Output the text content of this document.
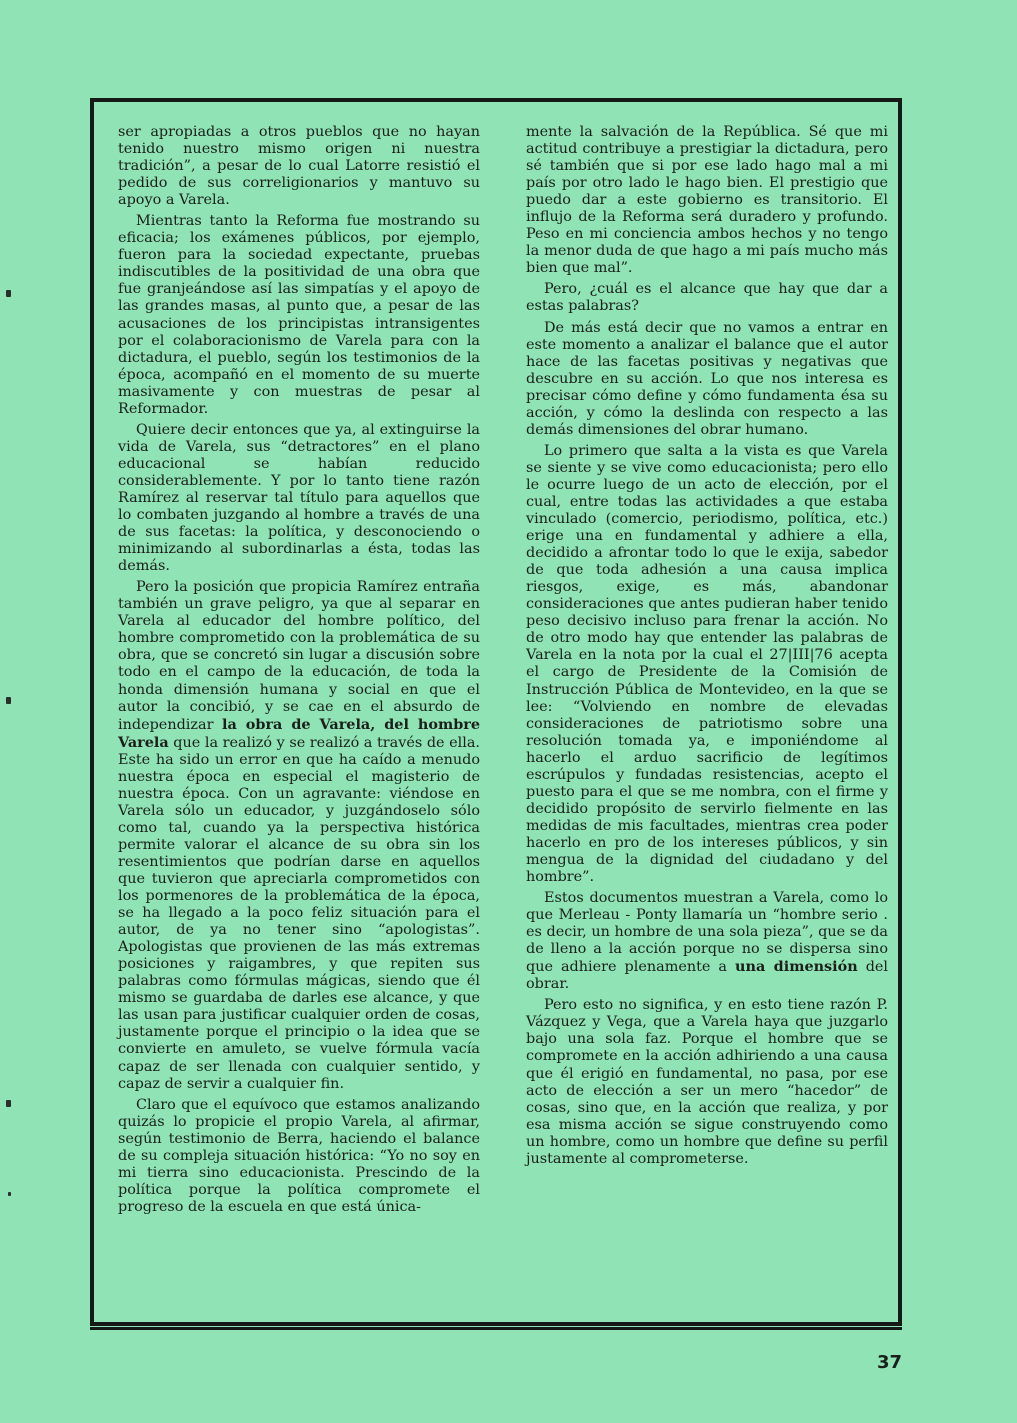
ser apropiadas a otros pueblos que no hayan tenido nuestro mismo origen ni nuestra tradición”, a pesar de lo cual Latorre resistió el pedido de sus correligionarios y mantuvo su apoyo a Varela.

Mientras tanto la Reforma fue mostrando su eficacia; los exámenes públicos, por ejemplo, fueron para la sociedad expectante, pruebas indiscutibles de la positividad de una obra que fue granjeándose así las simpatías y el apoyo de las grandes masas, al punto que, a pesar de las acusaciones de los principistas intransigentes por el colaboracionismo de Varela para con la dictadura, el pueblo, según los testimonios de la época, acompañó en el momento de su muerte masivamente y con muestras de pesar al Reformador.

Quiere decir entonces que ya, al extinguirse la vida de Varela, sus “detractores” en el plano educacional se habían reducido considerablemente. Y por lo tanto tiene razón Ramírez al reservar tal título para aquellos que lo combaten juzgando al hombre a través de una de sus facetas: la política, y desconociendo o minimizando al subordinarlas a ésta, todas las demás.

Pero la posición que propicia Ramírez entraña también un grave peligro, ya que al separar en Varela al educador del hombre político, del hombre comprometido con la problemática de su obra, que se concretó sin lugar a discusión sobre todo en el campo de la educación, de toda la honda dimensión humana y social en que el autor la concibió, y se cae en el absurdo de independizar la obra de Varela, del hombre Varela que la realizó y se realizó a través de ella. Este ha sido un error en que ha caído a menudo nuestra época en especial el magisterio de nuestra época. Con un agravante: viéndose en Varela sólo un educador, y juzgándoselo sólo como tal, cuando ya la perspectiva histórica permite valorar el alcance de su obra sin los resentimientos que podrían darse en aquellos que tuvieron que apreciarla comprometidos con los pormenores de la problemática de la época, se ha llegado a la poco feliz situación para el autor, de ya no tener sino “apologistas”. Apologistas que provienen de las más extremas posiciones y raigambres, y que repiten sus palabras como fórmulas mágicas, siendo que él mismo se guardaba de darles ese alcance, y que las usan para justificar cualquier orden de cosas, justamente porque el principio o la idea que se convierte en amuleto, se vuelve fórmula vacía capaz de ser llenada con cualquier sentido, y capaz de servir a cualquier fin.

Claro que el equívoco que estamos analizando quizás lo propicie el propio Varela, al afirmar, según testimonio de Berra, haciendo el balance de su compleja situación histórica: “Yo no soy en mi tierra sino educacionista. Prescindo de la política porque la política compromete el progreso de la escuela en que está única-

mente la salvación de la República. Sé que mi actitud contribuye a prestigiar la dictadura, pero sé también que si por ese lado hago mal a mi país por otro lado le hago bien. El prestigio que puedo dar a este gobierno es transitorio. El influjo de la Reforma será duradero y profundo. Peso en mi conciencia ambos hechos y no tengo la menor duda de que hago a mi país mucho más bien que mal”.

Pero, ¿cuál es el alcance que hay que dar a estas palabras?

De más está decir que no vamos a entrar en este momento a analizar el balance que el autor hace de las facetas positivas y negativas que descubre en su acción. Lo que nos interesa es precisar cómo define y cómo fundamenta ésa su acción, y cómo la deslinda con respecto a las demás dimensiones del obrar humano.

Lo primero que salta a la vista es que Varela se siente y se vive como educacionista; pero ello le ocurre luego de un acto de elección, por el cual, entre todas las actividades a que estaba vinculado (comercio, periodismo, política, etc.) erige una en fundamental y adhiere a ella, decidido a afrontar todo lo que le exija, sabedor de que toda adhesión a una causa implica riesgos, exige, es más, abandonar consideraciones que antes pudieran haber tenido peso decisivo incluso para frenar la acción. No de otro modo hay que entender las palabras de Varela en la nota por la cual el 27|III|76 acepta el cargo de Presidente de la Comisión de Instrucción Pública de Montevideo, en la que se lee: “Volviendo en nombre de elevadas consideraciones de patriotismo sobre una resolución tomada ya, e imponiéndome al hacerlo el arduo sacrificio de legítimos escrúpulos y fundadas resistencias, acepto el puesto para el que se me nombra, con el firme y decidido propósito de servirlo fielmente en las medidas de mis facultades, mientras crea poder hacerlo en pro de los intereses públicos, y sin mengua de la dignidad del ciudadano y del hombre”.

Estos documentos muestran a Varela, como lo que Merleau - Ponty llamaría un “hombre serio . es decir, un hombre de una sola pieza”, que se da de lleno a la acción porque no se dispersa sino que adhiere plenamente a una dimensión del obrar.

Pero esto no significa, y en esto tiene razón P. Vázquez y Vega, que a Varela haya que juzgarlo bajo una sola faz. Porque el hombre que se compromete en la acción adhiriendo a una causa que él erigió en fundamental, no pasa, por ese acto de elección a ser un mero “hacedor” de cosas, sino que, en la acción que realiza, y por esa misma acción se sigue construyendo como un hombre, como un hombre que define su perfil justamente al comprometerse.

37
